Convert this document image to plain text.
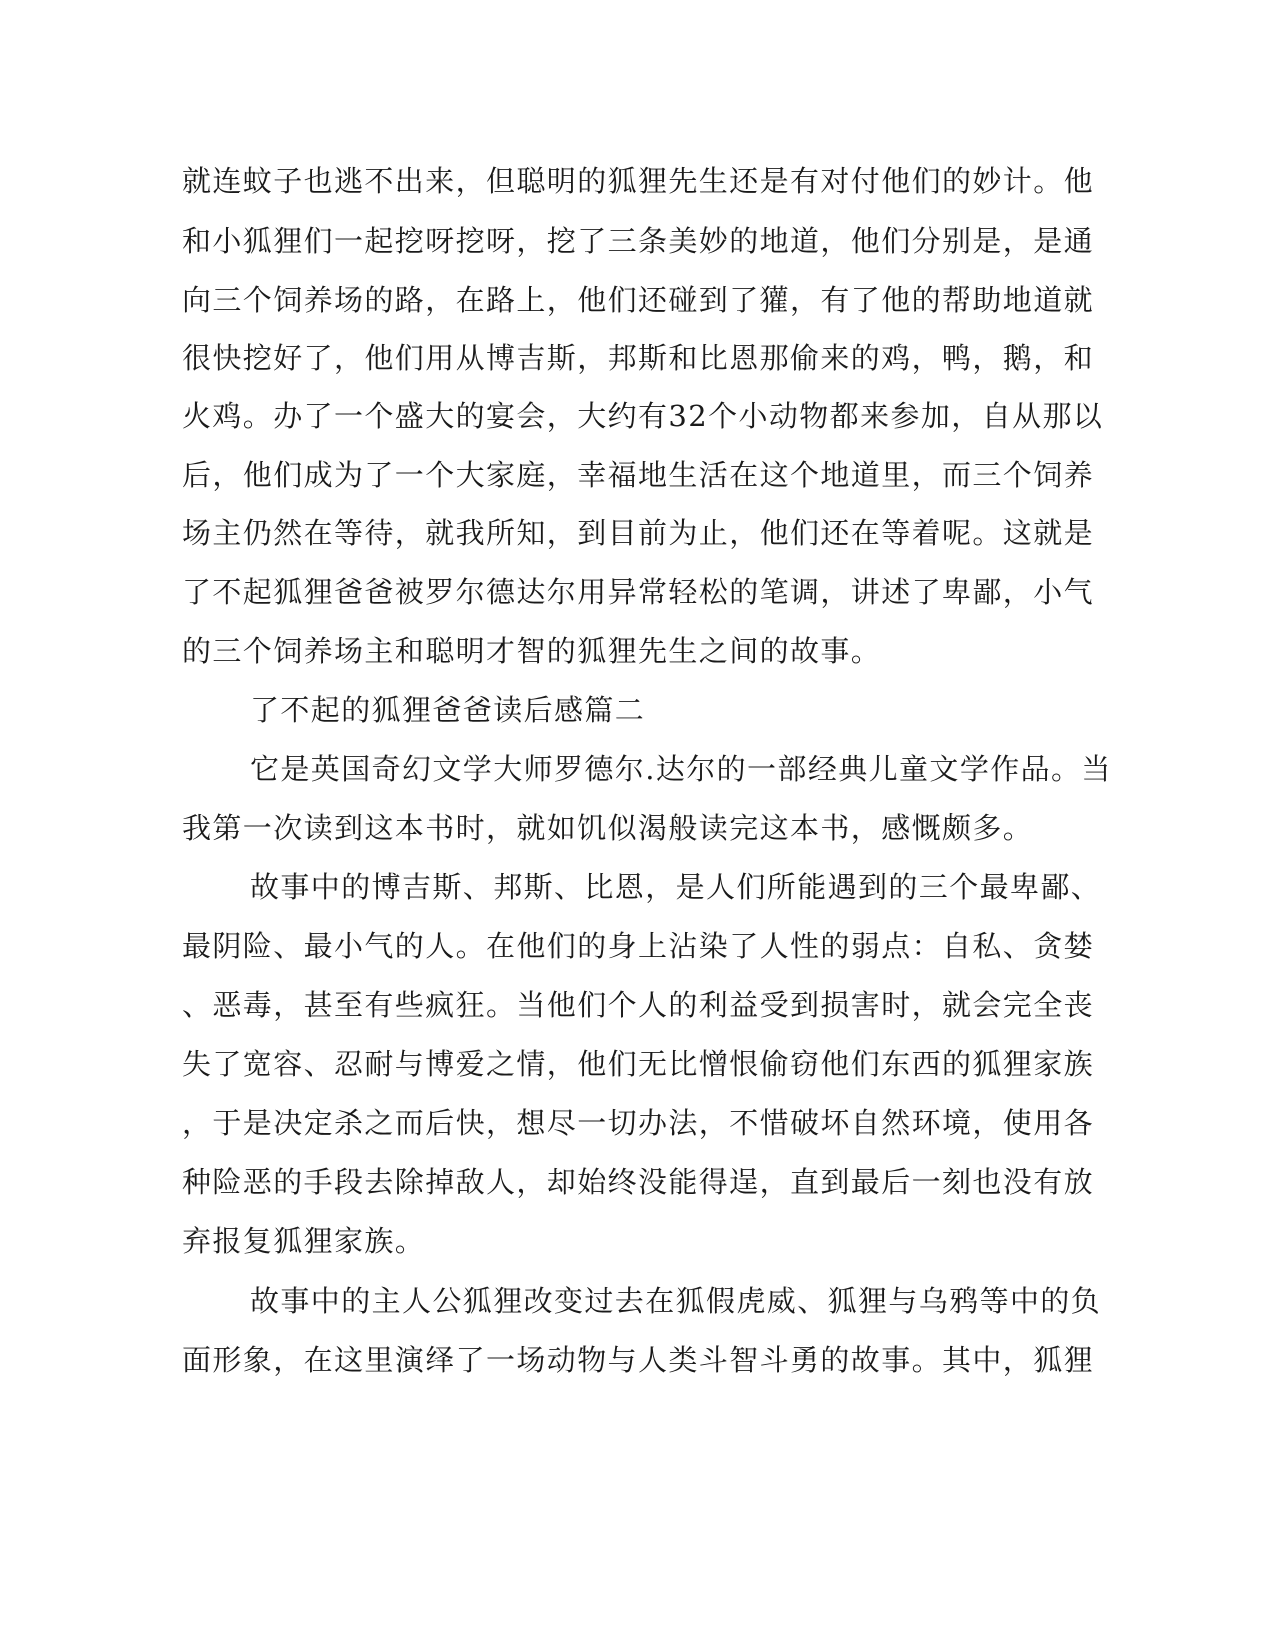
就连蚊子也逃不出来，但聪明的狐狸先生还是有对付他们的妙计。他
和小狐狸们一起挖呀挖呀，挖了三条美妙的地道，他们分别是，是通
向三个饲养场的路，在路上，他们还碰到了獾，有了他的帮助地道就
很快挖好了，他们用从博吉斯，邦斯和比恩那偷来的鸡，鸭，鹅，和
火鸡。办了一个盛大的宴会，大约有32个小动物都来参加，自从那以
后，他们成为了一个大家庭，幸福地生活在这个地道里，而三个饲养
场主仍然在等待，就我所知，到目前为止，他们还在等着呢。这就是
了不起狐狸爸爸被罗尔德达尔用异常轻松的笔调，讲述了卑鄙，小气
的三个饲养场主和聪明才智的狐狸先生之间的故事。
了不起的狐狸爸爸读后感篇二
它是英国奇幻文学大师罗德尔.达尔的一部经典儿童文学作品。当
我第一次读到这本书时，就如饥似渴般读完这本书，感慨颇多。
故事中的博吉斯、邦斯、比恩，是人们所能遇到的三个最卑鄙、
最阴险、最小气的人。在他们的身上沾染了人性的弱点：自私、贪婪
、恶毒，甚至有些疯狂。当他们个人的利益受到损害时，就会完全丧
失了宽容、忍耐与博爱之情，他们无比憎恨偷窃他们东西的狐狸家族
，于是决定杀之而后快，想尽一切办法，不惜破坏自然环境，使用各
种险恶的手段去除掉敌人，却始终没能得逞，直到最后一刻也没有放
弃报复狐狸家族。
故事中的主人公狐狸改变过去在狐假虎威、狐狸与乌鸦等中的负
面形象，在这里演绎了一场动物与人类斗智斗勇的故事。其中，狐狸
